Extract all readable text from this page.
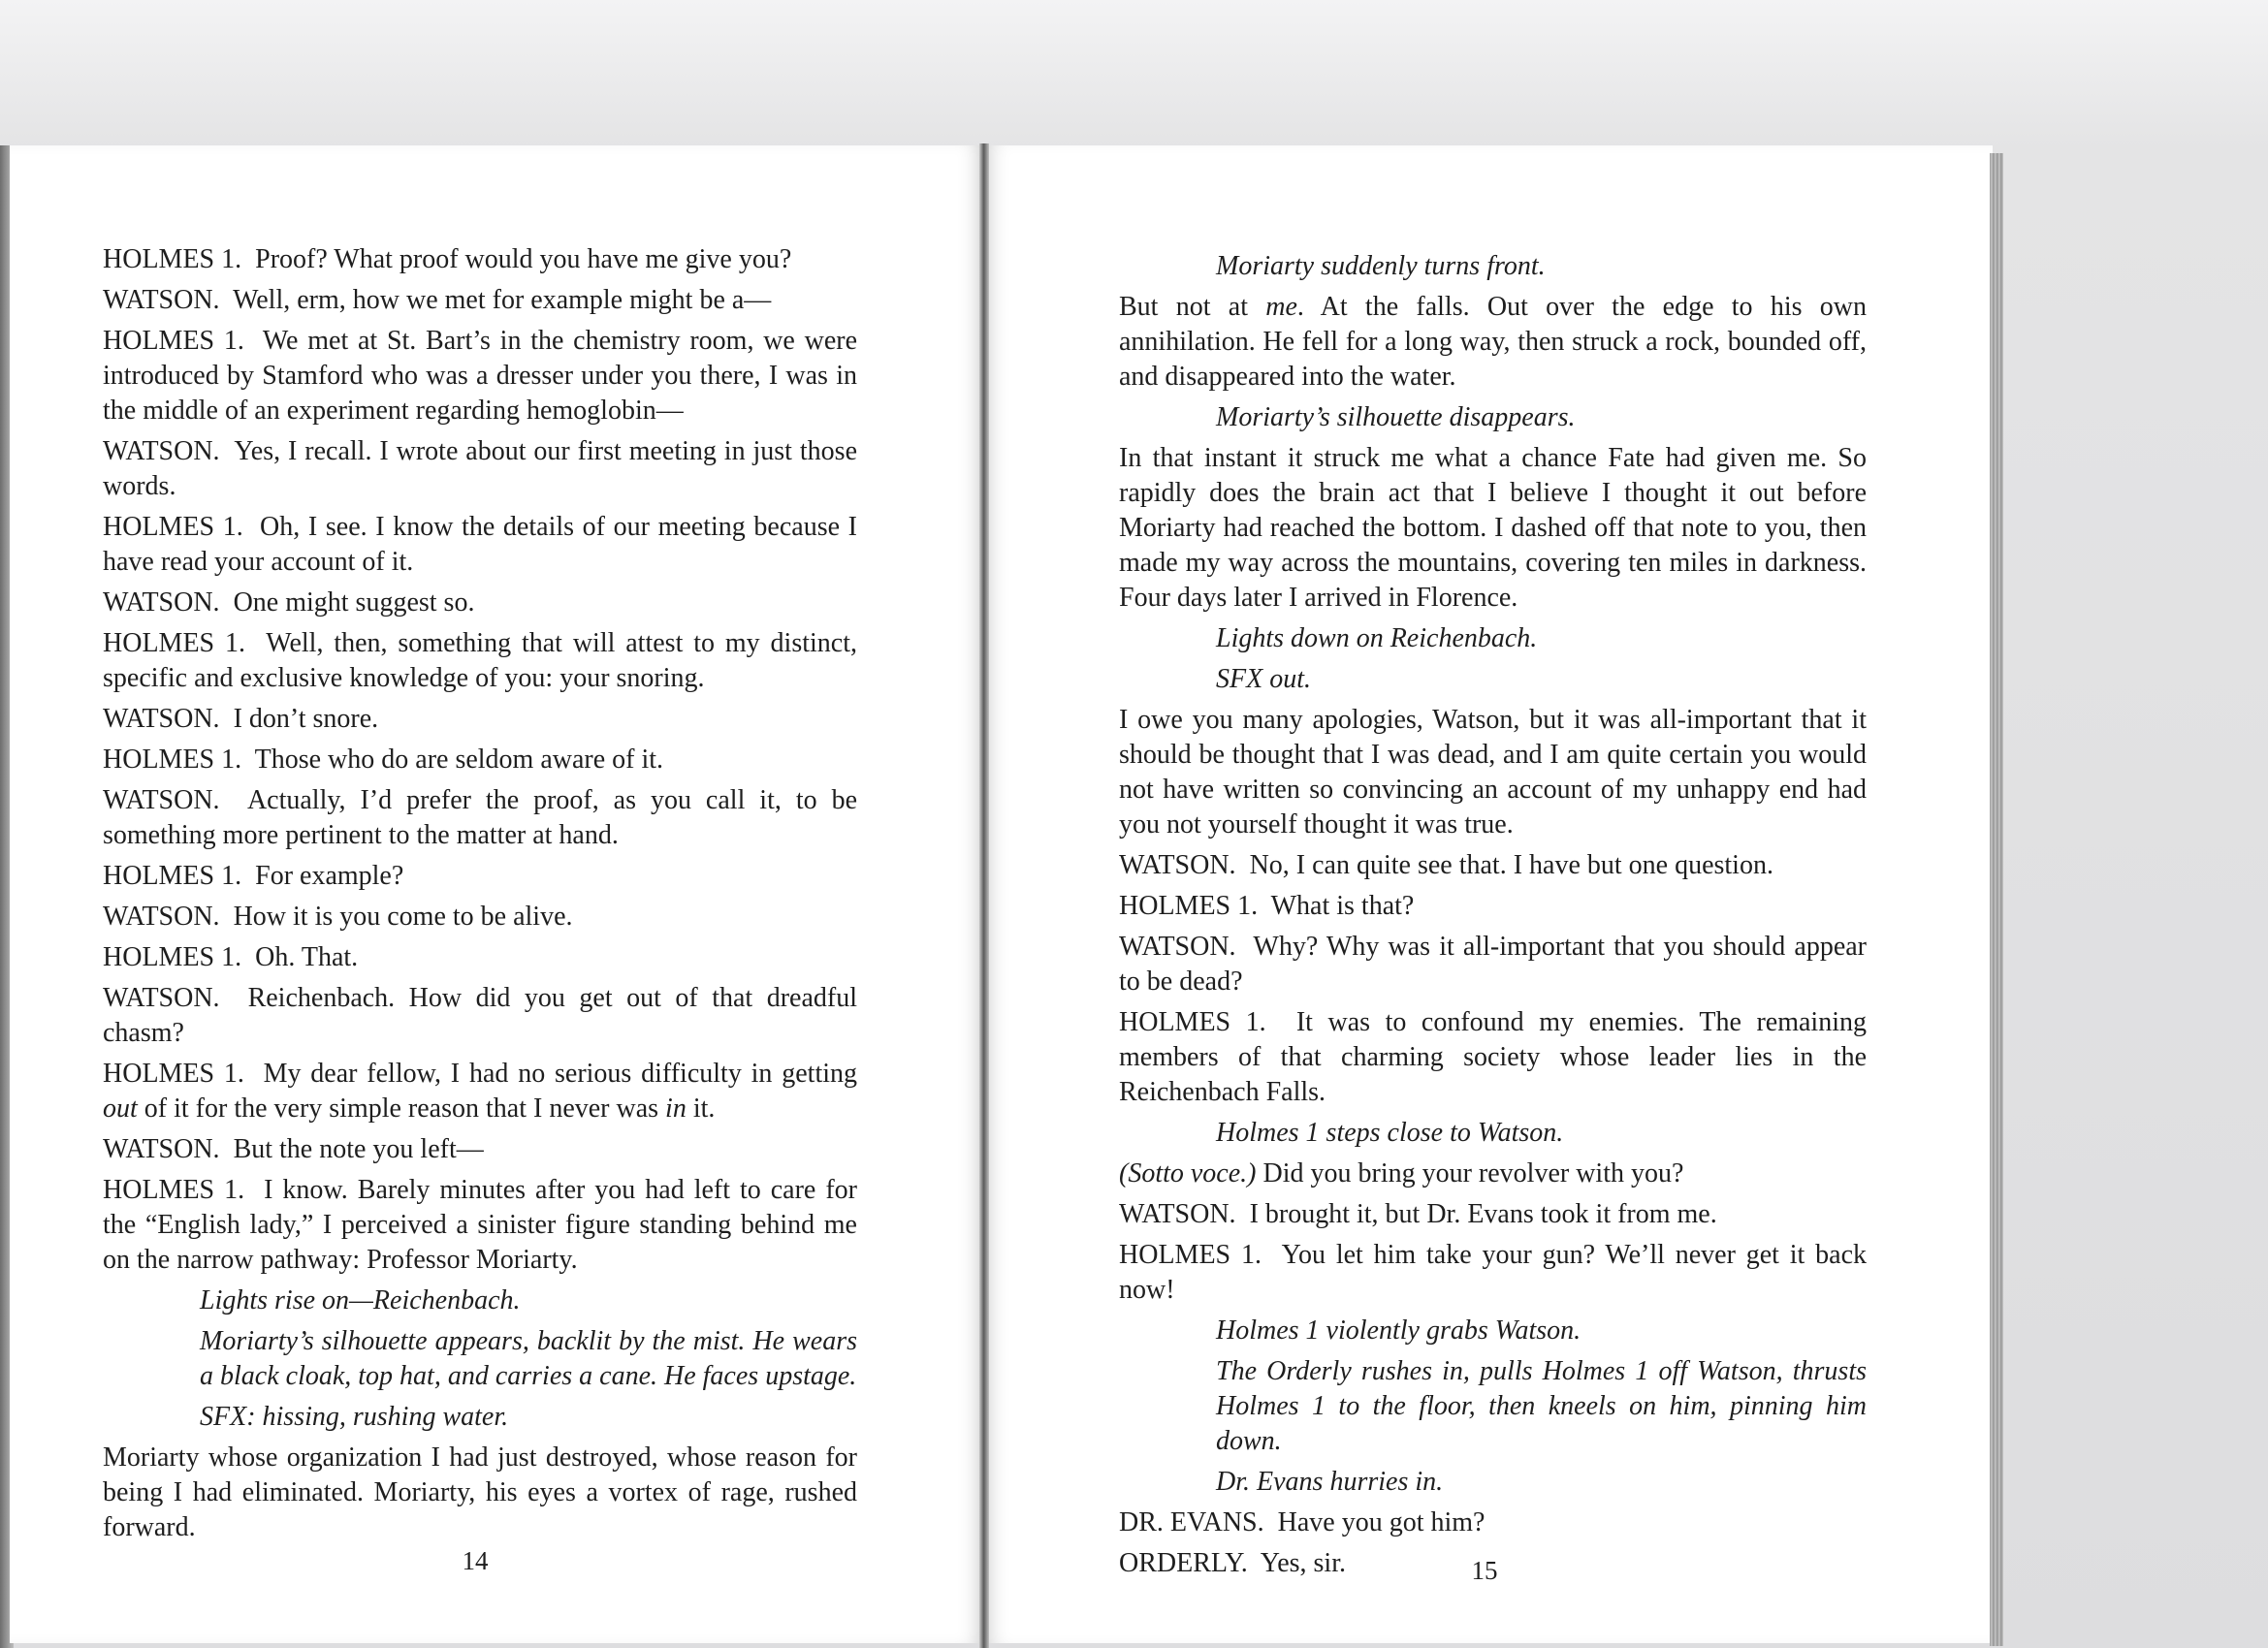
HOLMES 1. Proof? What proof would you have me give you?

WATSON. Well, erm, how we met for example might be a—

HOLMES 1. We met at St. Bart’s in the chemistry room, we were introduced by Stamford who was a dresser under you there, I was in the middle of an experiment regarding hemoglobin—

WATSON. Yes, I recall. I wrote about our first meeting in just those words.

HOLMES 1. Oh, I see. I know the details of our meeting because I have read your account of it.

WATSON. One might suggest so.

HOLMES 1. Well, then, something that will attest to my distinct, specific and exclusive knowledge of you: your snoring.

WATSON. I don’t snore.

HOLMES 1. Those who do are seldom aware of it.

WATSON. Actually, I’d prefer the proof, as you call it, to be something more pertinent to the matter at hand.

HOLMES 1. For example?

WATSON. How it is you come to be alive.

HOLMES 1. Oh. That.

WATSON. Reichenbach. How did you get out of that dreadful chasm?

HOLMES 1. My dear fellow, I had no serious difficulty in getting out of it for the very simple reason that I never was in it.

WATSON. But the note you left—

HOLMES 1. I know. Barely minutes after you had left to care for the “English lady,” I perceived a sinister figure standing behind me on the narrow pathway: Professor Moriarty.

Lights rise on—Reichenbach.

Moriarty’s silhouette appears, backlit by the mist. He wears a black cloak, top hat, and carries a cane. He faces upstage.

SFX: hissing, rushing water.

Moriarty whose organization I had just destroyed, whose reason for being I had eliminated. Moriarty, his eyes a vortex of rage, rushed forward.

14

Moriarty suddenly turns front.

But not at me. At the falls. Out over the edge to his own annihilation. He fell for a long way, then struck a rock, bounded off, and disappeared into the water.

Moriarty’s silhouette disappears.

In that instant it struck me what a chance Fate had given me. So rapidly does the brain act that I believe I thought it out before Moriarty had reached the bottom. I dashed off that note to you, then made my way across the mountains, covering ten miles in darkness. Four days later I arrived in Florence.

Lights down on Reichenbach.

SFX out.

I owe you many apologies, Watson, but it was all-important that it should be thought that I was dead, and I am quite certain you would not have written so convincing an account of my unhappy end had you not yourself thought it was true.

WATSON. No, I can quite see that. I have but one question.

HOLMES 1. What is that?

WATSON. Why? Why was it all-important that you should appear to be dead?

HOLMES 1. It was to confound my enemies. The remaining members of that charming society whose leader lies in the Reichenbach Falls.

Holmes 1 steps close to Watson.

(Sotto voce.) Did you bring your revolver with you?

WATSON. I brought it, but Dr. Evans took it from me.

HOLMES 1. You let him take your gun? We’ll never get it back now!

Holmes 1 violently grabs Watson.

The Orderly rushes in, pulls Holmes 1 off Watson, thrusts Holmes 1 to the floor, then kneels on him, pinning him down.

Dr. Evans hurries in.

DR. EVANS. Have you got him?

ORDERLY. Yes, sir.	15
